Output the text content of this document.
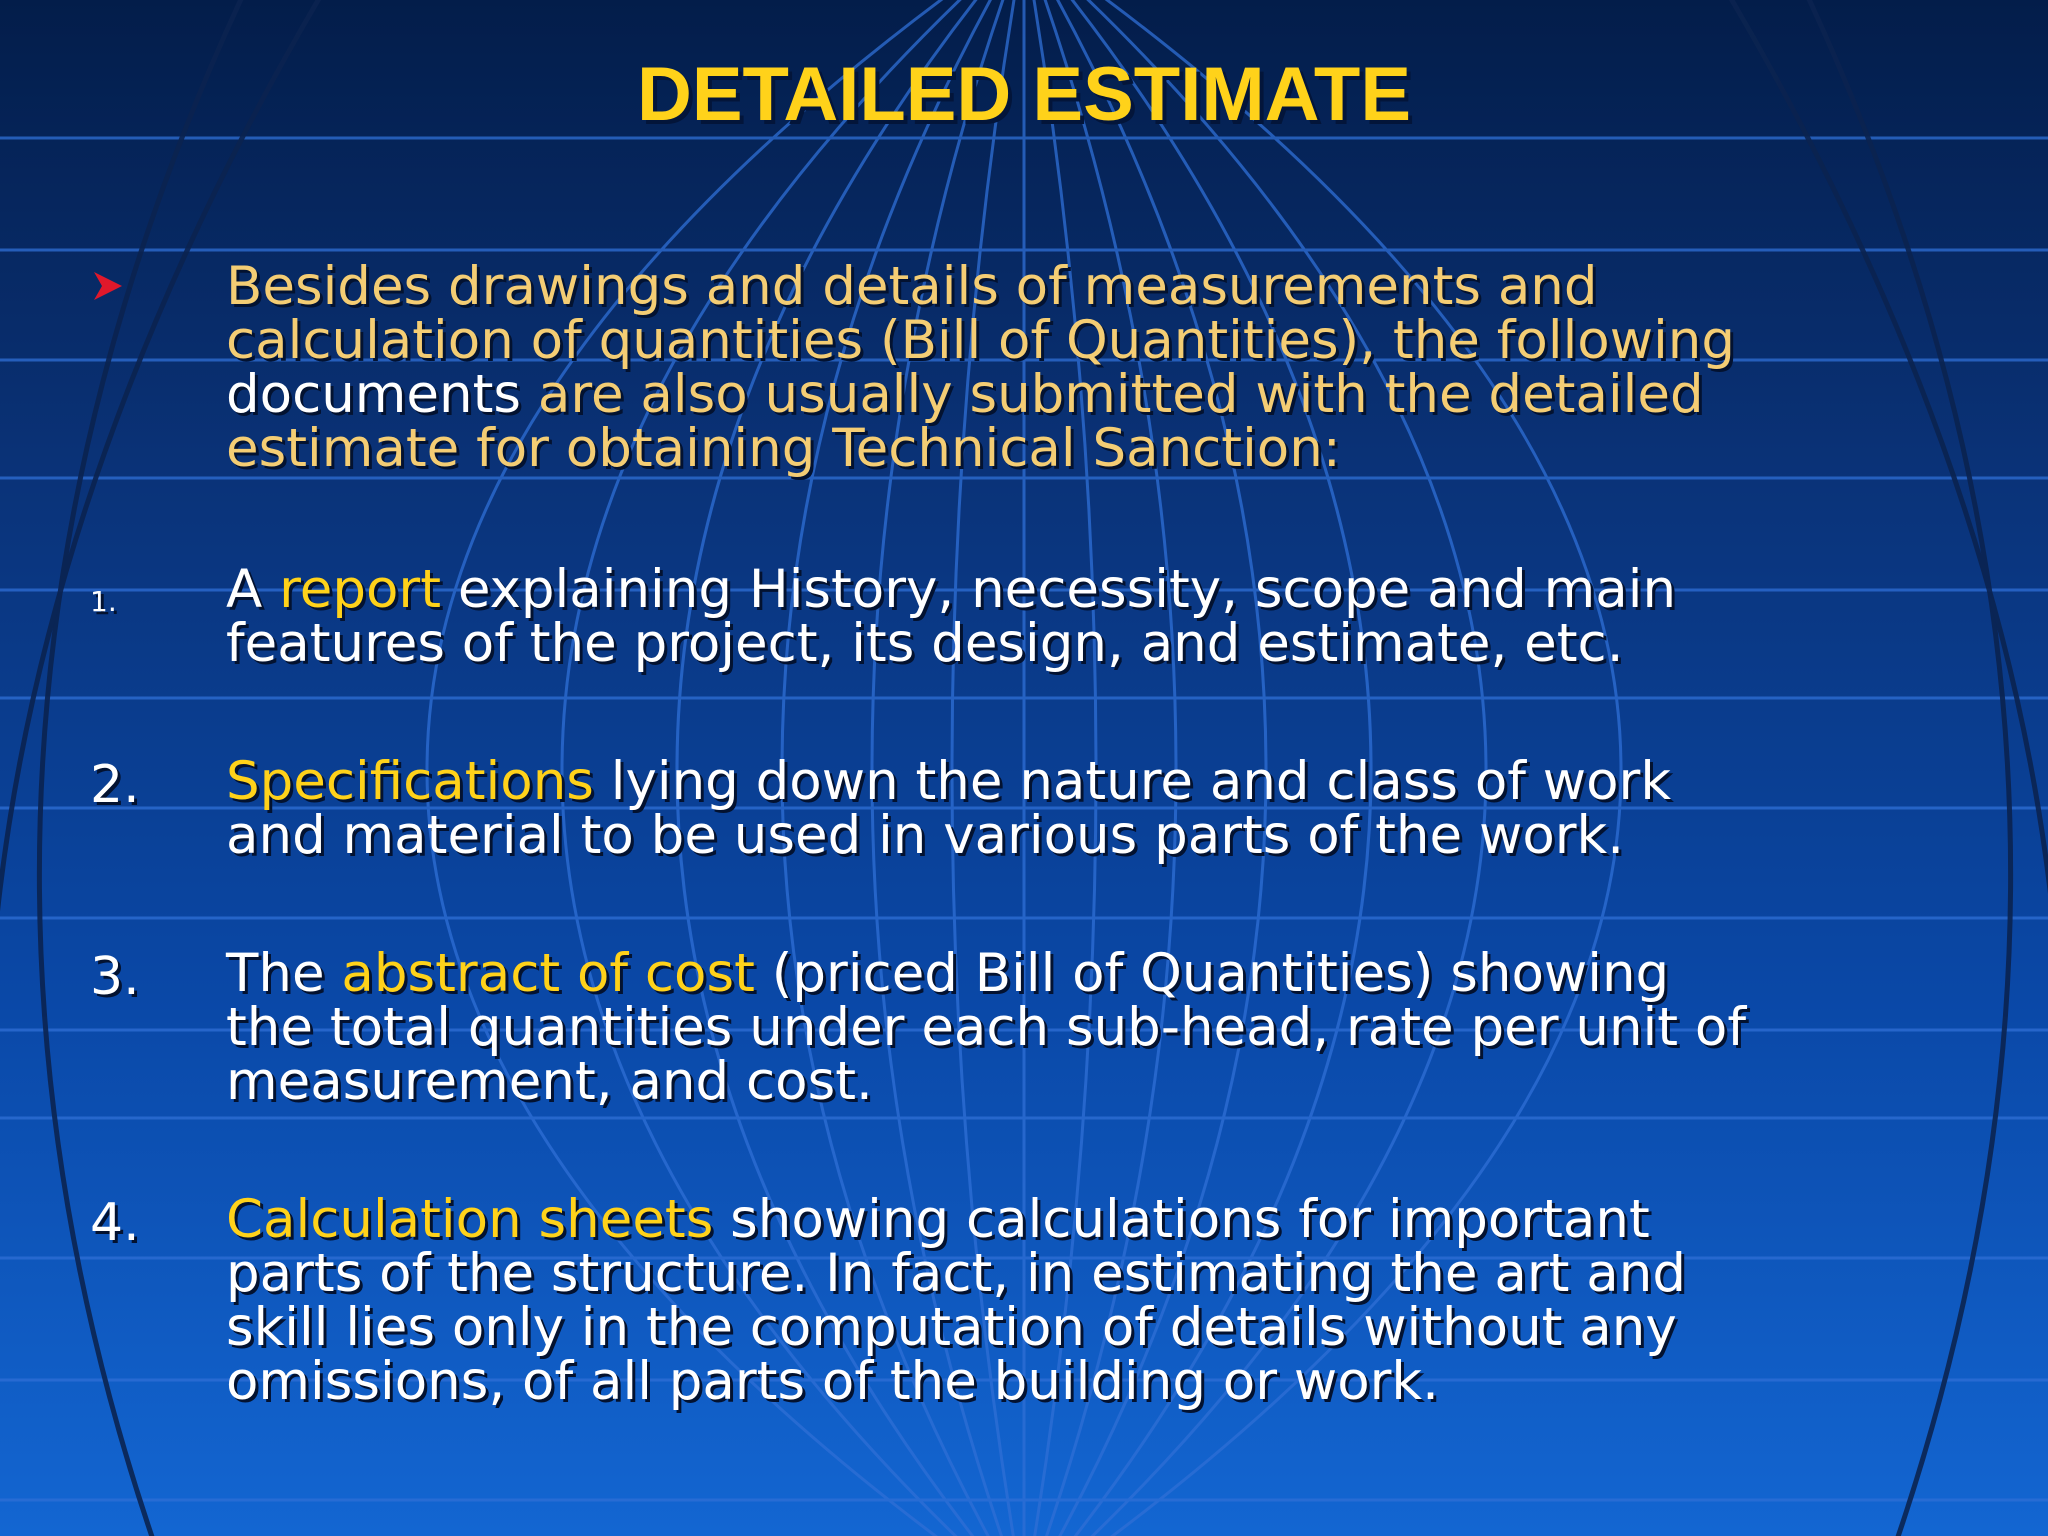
DETAILED ESTIMATE

Besides drawings and details of measurements and
calculation of quantities (Bill of Quantities), the following
documents are also usually submitted with the detailed
estimate for obtaining Technical Sanction:

1. A report explaining History, necessity, scope and main
features of the project, its design, and estimate, etc.

2. Specifications lying down the nature and class of work
and material to be used in various parts of the work.

3. The abstract of cost (priced Bill of Quantities) showing
the total quantities under each sub-head, rate per unit of
measurement, and cost.

4. Calculation sheets showing calculations for important
parts of the structure. In fact, in estimating the art and
skill lies only in the computation of details without any
omissions, of all parts of the building or work.
